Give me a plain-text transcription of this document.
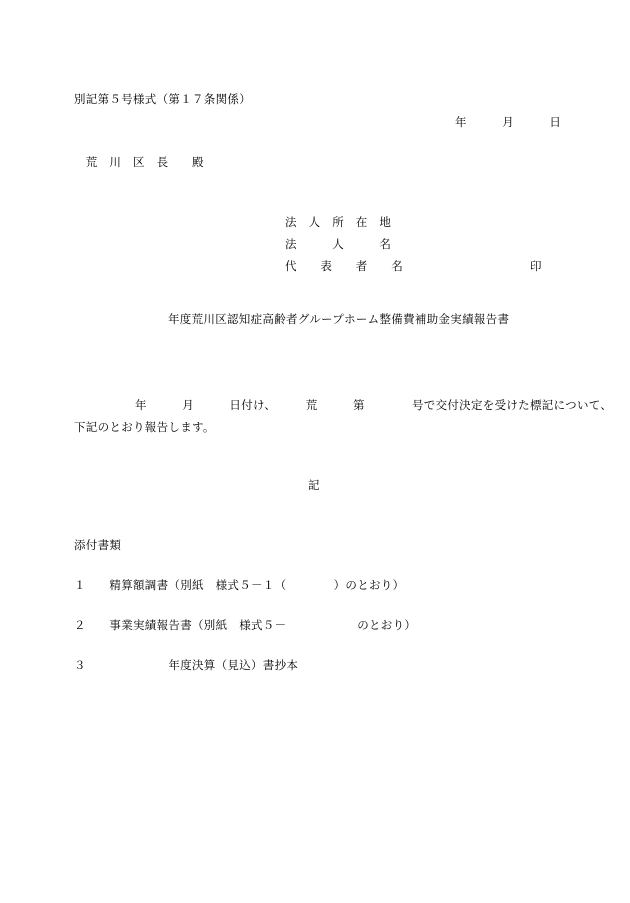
別記第５号様式（第１７条関係）
年　　　月　　　日
　荒　川　区　長　　殿
法　人　所　在　地
法　　　人　　　名
代　　表　　者　　名	印
年度荒川区認知症高齢者グループホーム整備費補助金実績報告書
年　　　月　　　日付け、　　　荒　　　第　　　　号で交付決定を受けた標記について、
下記のとおり報告します。
記
添付書類
１　　精算額調書（別紙　様式５－１（　　　　）のとおり）
２　　事業実績報告書（別紙　様式５－　　　　　　のとおり）
３　　　　　　　年度決算（見込）書抄本
